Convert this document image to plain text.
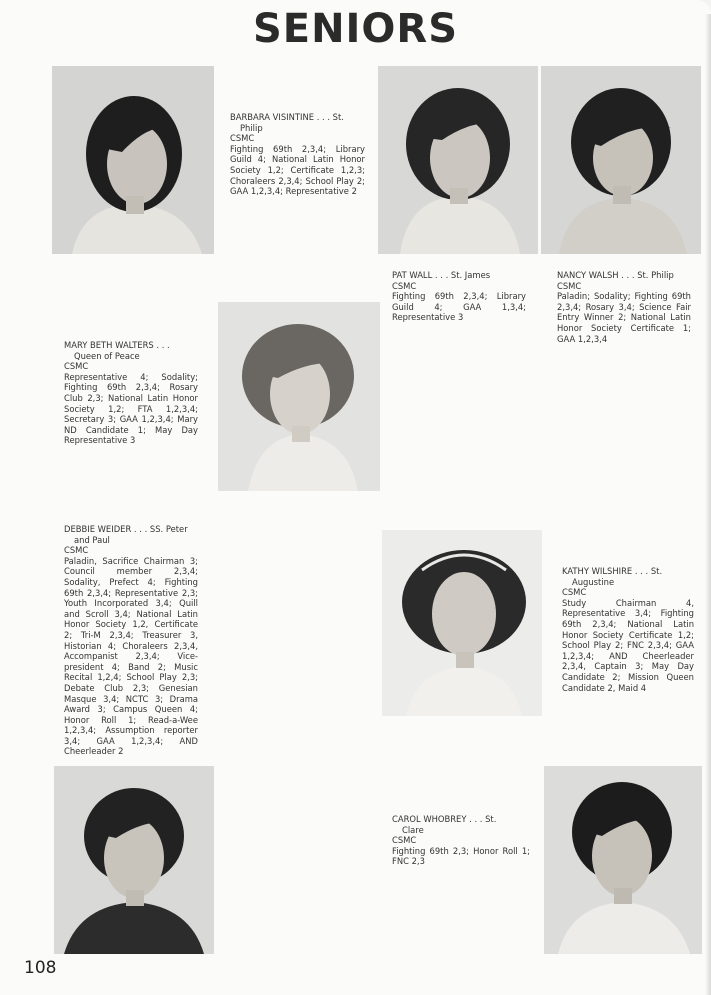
SENIORS
BARBARA VISINTINE . . . St.
Philip
CSMC
Fighting 69th 2,3,4; Library Guild 4; National Latin Honor Society 1,2; Certificate 1,2,3; Choraleers 2,3,4; School Play 2; GAA 1,2,3,4; Representative 2
PAT WALL . . . St. James
CSMC
Fighting 69th 2,3,4; Library Guild 4; GAA 1,3,4; Representative 3
NANCY WALSH . . . St. Philip
CSMC
Paladin; Sodality; Fighting 69th 2,3,4; Rosary 3,4; Science Fair Entry Winner 2; National Latin Honor Society Certificate 1; GAA 1,2,3,4
MARY BETH WALTERS . . .
Queen of Peace
CSMC
Representative 4; Sodality; Fighting 69th 2,3,4; Rosary Club 2,3; National Latin Honor Society 1,2; FTA 1,2,3,4; Secretary 3; GAA 1,2,3,4; Mary ND Candidate 1; May Day Representative 3
DEBBIE WEIDER . . . SS. Peter
and Paul
CSMC
Paladin, Sacrifice Chairman 3; Council member 2,3,4; Sodality, Prefect 4; Fighting 69th 2,3,4; Representative 2,3; Youth Incorporated 3,4; Quill and Scroll 3,4; National Latin Honor Society 1,2, Certificate 2; Tri-M 2,3,4; Treasurer 3, Historian 4; Choraleers 2,3,4, Accompanist 2,3,4; Vice-president 4; Band 2; Music Recital 1,2,4; School Play 2,3; Debate Club 2,3; Genesian Masque 3,4; NCTC 3; Drama Award 3; Campus Queen 4; Honor Roll 1; Read-a-Wee 1,2,3,4; Assumption reporter 3,4; GAA 1,2,3,4; AND Cheerleader 2
KATHY WILSHIRE . . . St.
Augustine
CSMC
Study Chairman 4, Representative 3,4; Fighting 69th 2,3,4; National Latin Honor Society Certificate 1,2; School Play 2; FNC 2,3,4; GAA 1,2,3,4; AND Cheerleader 2,3,4, Captain 3; May Day Candidate 2; Mission Queen Candidate 2, Maid 4
CAROL WHOBREY . . . St.
Clare
CSMC
Fighting 69th 2,3; Honor Roll 1; FNC 2,3
108
